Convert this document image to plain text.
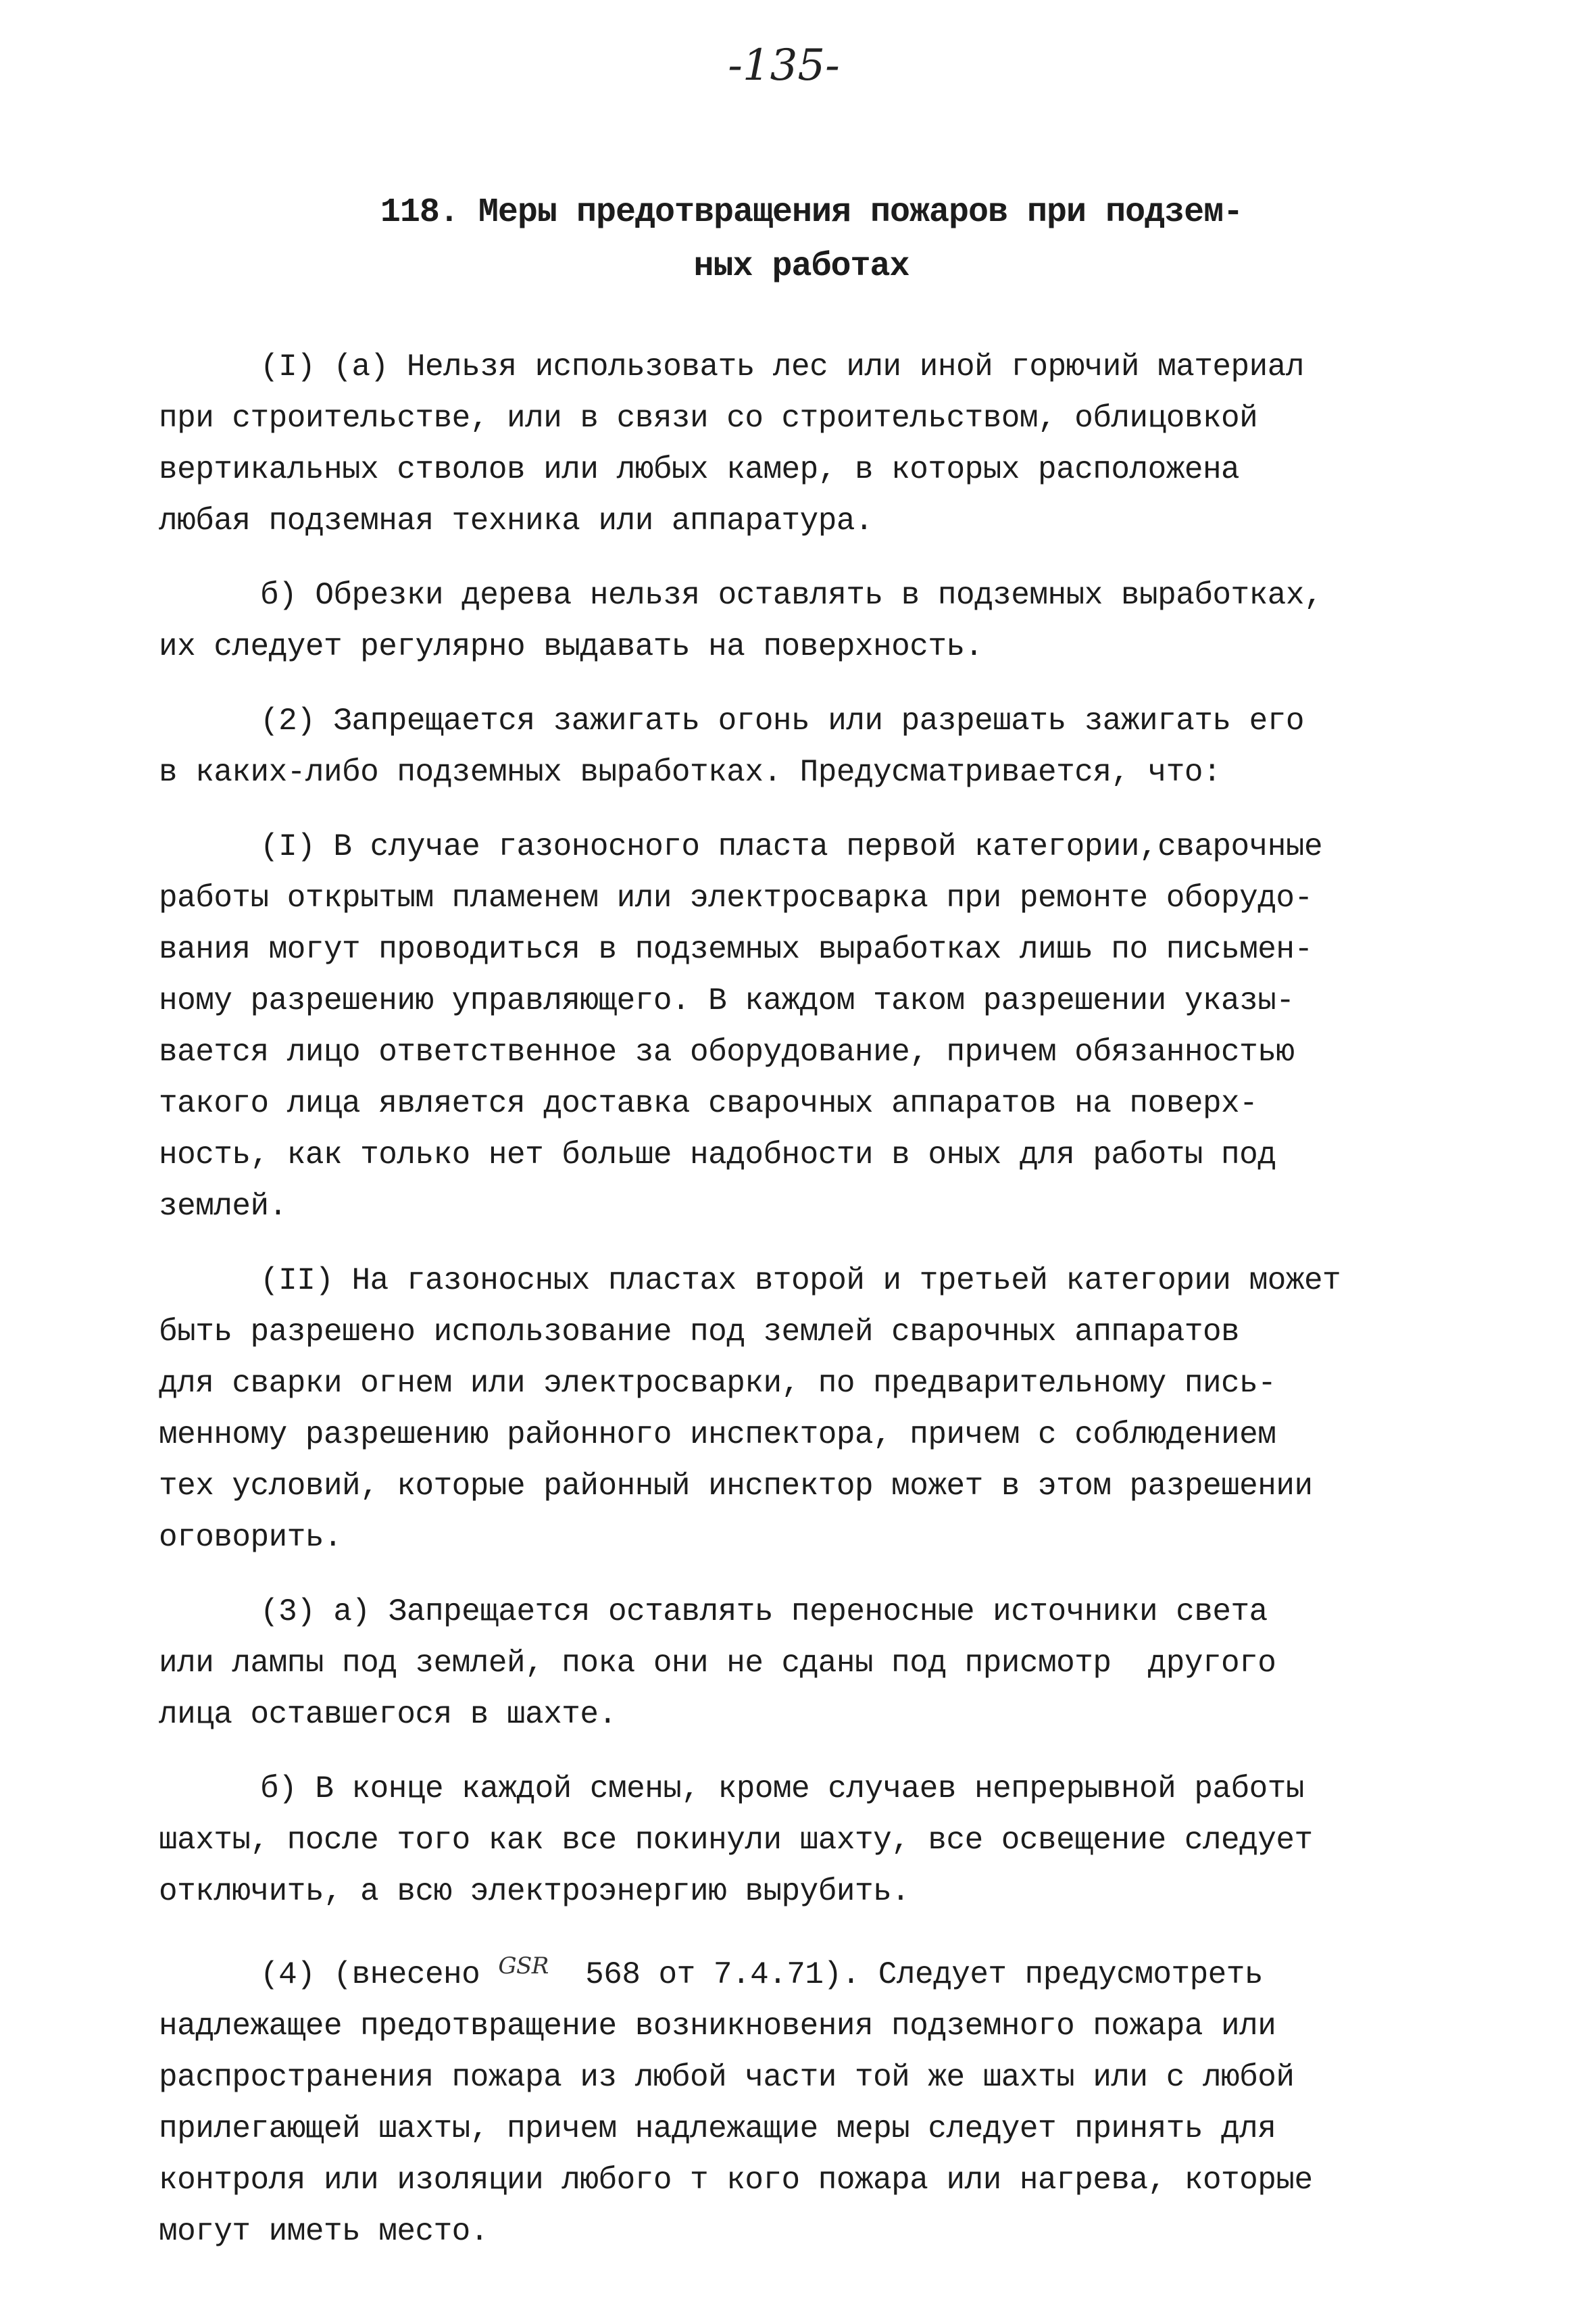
-135-
118. Меры предотвращения пожаров при подзем-
ных работах
(I) (а) Нельзя использовать лес или иной горючий материал
при строительстве, или в связи со строительством, облицовкой
вертикальных стволов или любых камер, в которых расположена
любая подземная техника или аппаратура.
б) Обрезки дерева нельзя оставлять в подземных выработках,
их следует регулярно выдавать на поверхность.
(2) Запрещается зажигать огонь или разрешать зажигать его
в каких-либо подземных выработках. Предусматривается, что:
(I) В случае газоносного пласта первой категории,сварочные
работы открытым пламенем или электросварка при ремонте оборудо-
вания могут проводиться в подземных выработках лишь по письмен-
ному разрешению управляющего. В каждом таком разрешении указы-
вается лицо ответственное за оборудование, причем обязанностью
такого лица является доставка сварочных аппаратов на поверх-
ность, как только нет больше надобности в оных для работы под
землей.
(II) На газоносных пластах второй и третьей категории может
быть разрешено использование под землей сварочных аппаратов
для сварки огнем или электросварки, по предварительному пись-
менному разрешению районного инспектора, причем с соблюдением
тех условий, которые районный инспектор может в этом разрешении
оговорить.
(3) а) Запрещается оставлять переносные источники света
или лампы под землей, пока они не сданы под присмотр  другого
лица оставшегося в шахте.
б) В конце каждой смены, кроме случаев непрерывной работы
шахты, после того как все покинули шахту, все освещение следует
отключить, а всю электроэнергию вырубить.
(4) (внесено $^{GSR}$  568 от 7.4.71). Следует предусмотреть
надлежащее предотвращение возникновения подземного пожара или
распространения пожара из любой части той же шахты или с любой
прилегающей шахты, причем надлежащие меры следует принять для
контроля или изоляции любого т кого пожара или нагрева, которые
могут иметь место.
